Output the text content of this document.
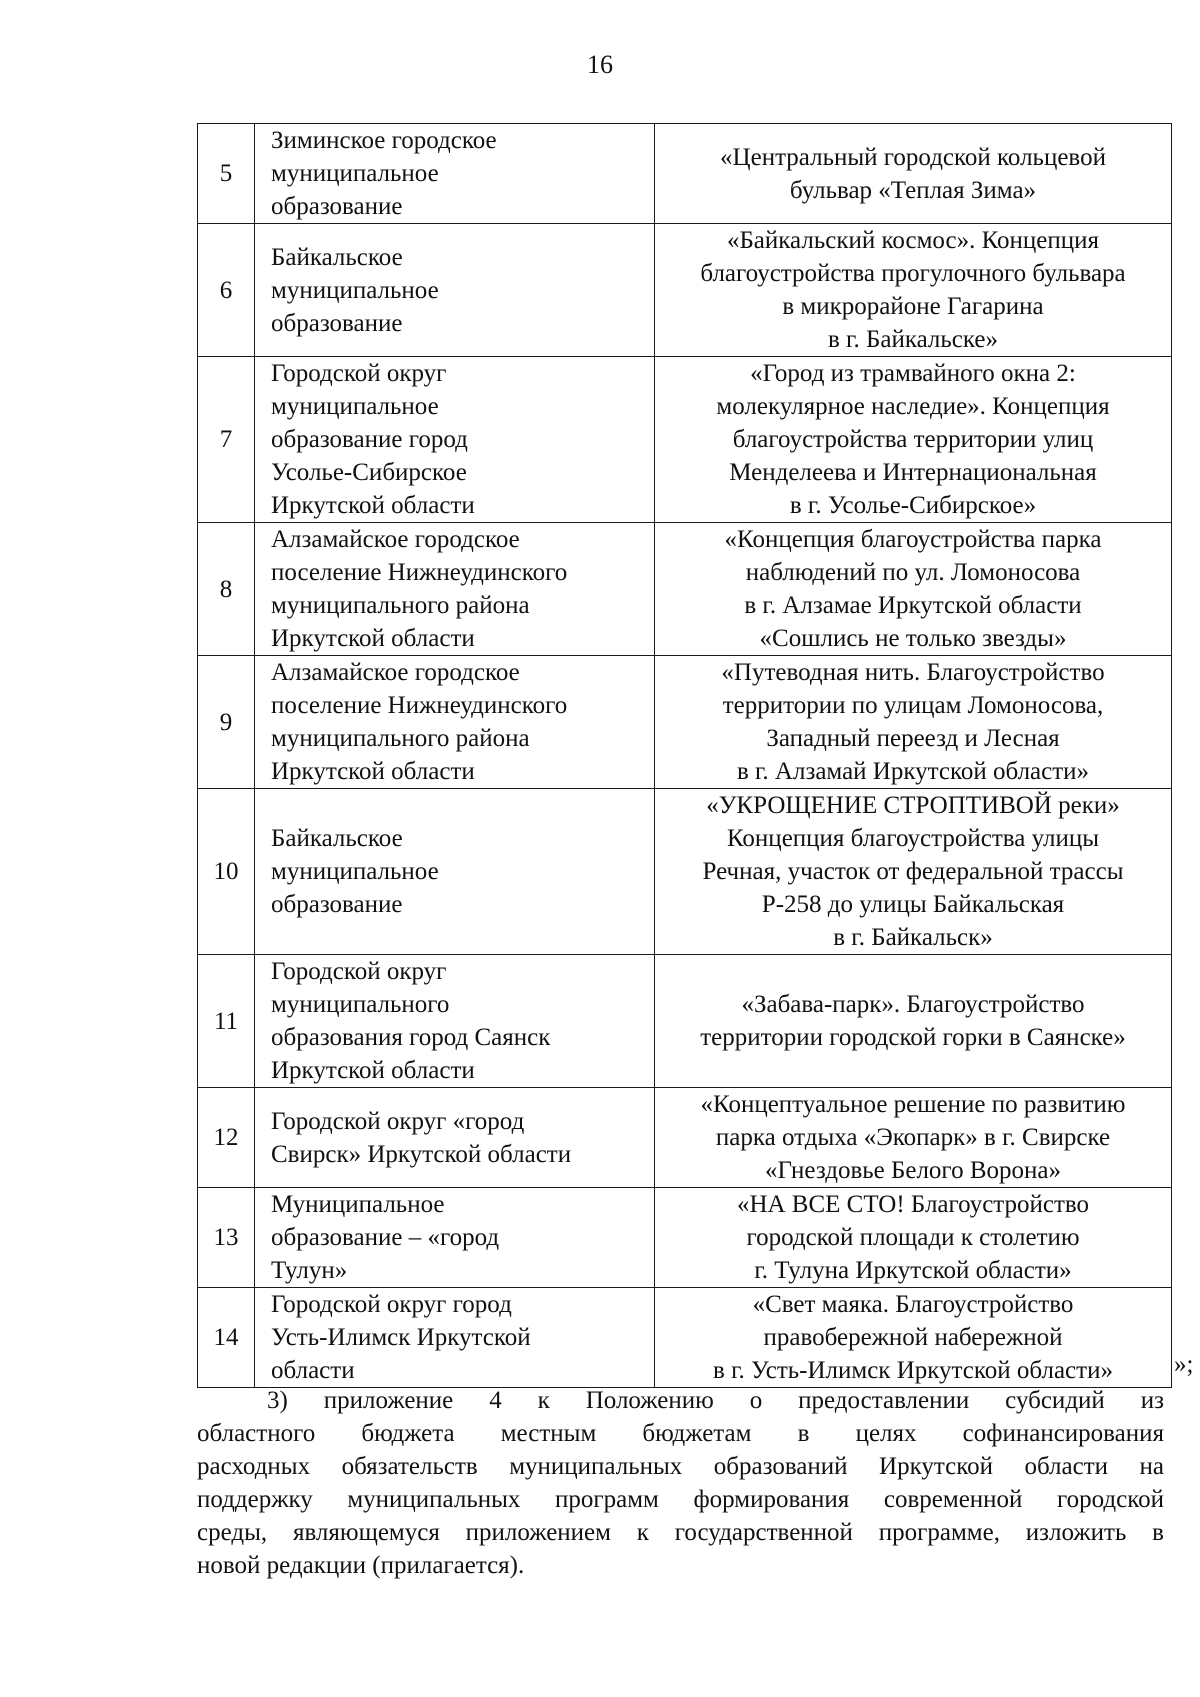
16
5	Зиминское городское
муниципальное
образование	«Центральный городской кольцевой
бульвар «Теплая Зима»

6	Байкальское
муниципальное
образование	«Байкальский космос». Концепция
благоустройства прогулочного бульвара
в микрорайоне Гагарина
в г. Байкальске»

7	Городской округ
муниципальное
образование город
Усолье-Сибирское
Иркутской области	«Город из трамвайного окна 2:
молекулярное наследие». Концепция
благоустройства территории улиц
Менделеева и Интернациональная
в г. Усолье-Сибирское»

8	Алзамайское городское
поселение Нижнеудинского
муниципального района
Иркутской области	«Концепция благоустройства парка
наблюдений по ул. Ломоносова
в г. Алзамае Иркутской области
«Сошлись не только звезды»

9	Алзамайское городское
поселение Нижнеудинского
муниципального района
Иркутской области	«Путеводная нить. Благоустройство
территории по улицам Ломоносова,
Западный переезд и Лесная
в г. Алзамай Иркутской области»

10	Байкальское
муниципальное
образование	«УКРОЩЕНИЕ СТРОПТИВОЙ реки»
Концепция благоустройства улицы
Речная, участок от федеральной трассы
Р-258 до улицы Байкальская
в г. Байкальск»

11	Городской округ
муниципального
образования город Саянск
Иркутской области	«Забава-парк». Благоустройство
территории городской горки в Саянске»

12	Городской округ «город
Свирск» Иркутской области	«Концептуальное решение по развитию
парка отдыха «Экопарк» в г. Свирске
«Гнездовье Белого Ворона»

13	Муниципальное
образование – «город
Тулун»	«НА ВСЕ СТО! Благоустройство
городской площади к столетию
г. Тулуна Иркутской области»

14	Городской округ город
Усть-Илимск Иркутской
области	«Свет маяка. Благоустройство
правобережной набережной
в г. Усть-Илимск Иркутской области»	»;
3) приложение 4 к Положению о предоставлении субсидий из
областного бюджета местным бюджетам в целях софинансирования
расходных обязательств муниципальных образований Иркутской области на
поддержку муниципальных программ формирования современной городской
среды, являющемуся приложением к государственной программе, изложить в
новой редакции (прилагается).
